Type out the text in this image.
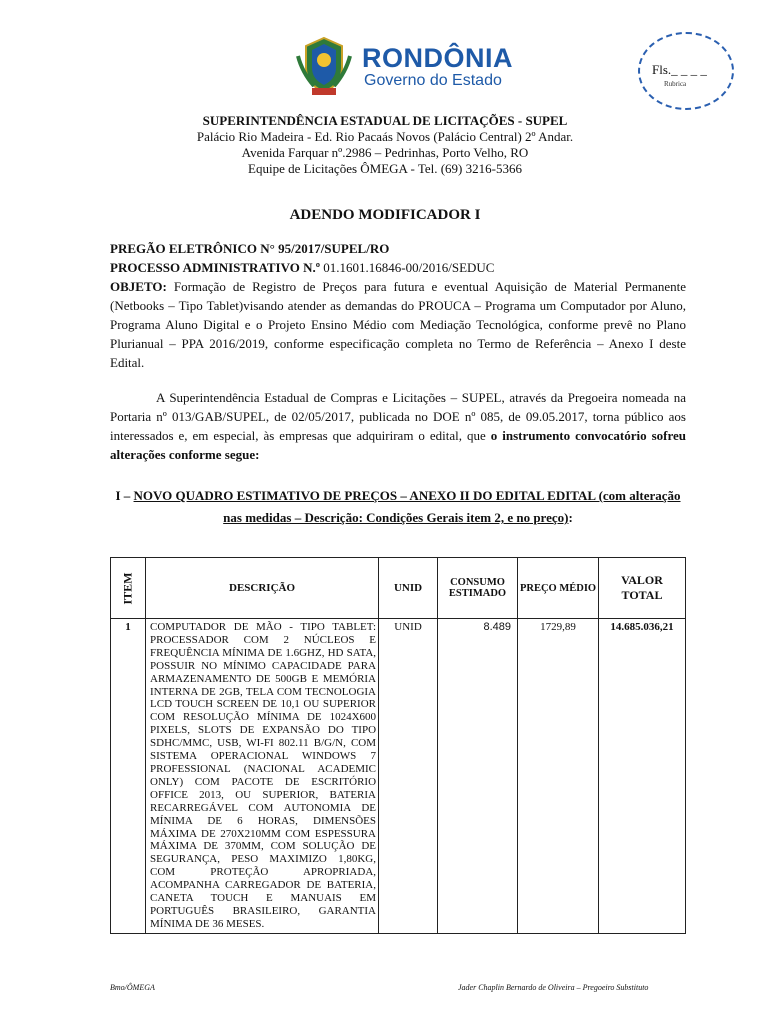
RONDÔNIA
Governo do Estado
Fls._ _ _ _
Rubrica
SUPERINTENDÊNCIA ESTADUAL DE LICITAÇÕES - SUPEL
Palácio Rio Madeira - Ed. Rio Pacaás Novos (Palácio Central) 2º Andar.
Avenida Farquar nº.2986 – Pedrinhas, Porto Velho, RO
Equipe de Licitações ÔMEGA - Tel. (69) 3216-5366
ADENDO MODIFICADOR I
PREGÃO ELETRÔNICO N° 95/2017/SUPEL/RO
PROCESSO ADMINISTRATIVO N.º 01.1601.16846-00/2016/SEDUC
OBJETO: Formação de Registro de Preços para futura e eventual Aquisição de Material Permanente (Netbooks – Tipo Tablet)visando atender as demandas do PROUCA – Programa um Computador por Aluno, Programa Aluno Digital e o Projeto Ensino Médio com Mediação Tecnológica, conforme prevê no Plano Plurianual – PPA 2016/2019, conforme especificação completa no Termo de Referência – Anexo I deste Edital.
A Superintendência Estadual de Compras e Licitações – SUPEL, através da Pregoeira nomeada na Portaria nº 013/GAB/SUPEL, de 02/05/2017, publicada no DOE nº 085, de 09.05.2017, torna público aos interessados e, em especial, às empresas que adquiriram o edital, que o instrumento convocatório sofreu alterações conforme segue:
I – NOVO QUADRO ESTIMATIVO DE PREÇOS – ANEXO II DO EDITAL EDITAL (com alteração nas medidas – Descrição: Condições Gerais item 2, e no preço):
ITEM	DESCRIÇÃO	UNID	CONSUMO ESTIMADO	PREÇO MÉDIO	VALOR TOTAL
1	COMPUTADOR DE MÃO - TIPO TABLET: PROCESSADOR COM 2 NÚCLEOS E FREQUÊNCIA MÍNIMA DE 1.6GHZ, HD SATA, POSSUIR NO MÍNIMO CAPACIDADE PARA ARMAZENAMENTO DE 500GB E MEMÓRIA INTERNA DE 2GB, TELA COM TECNOLOGIA LCD TOUCH SCREEN DE 10,1 OU SUPERIOR COM RESOLUÇÃO MÍNIMA DE 1024X600 PIXELS, SLOTS DE EXPANSÃO DO TIPO SDHC/MMC, USB, WI-FI 802.11 B/G/N, COM SISTEMA OPERACIONAL WINDOWS 7 PROFESSIONAL (NACIONAL ACADEMIC ONLY) COM PACOTE DE ESCRITÓRIO OFFICE 2013, OU SUPERIOR, BATERIA RECARREGÁVEL COM AUTONOMIA DE MÍNIMA DE 6 HORAS, DIMENSÕES MÁXIMA DE 270X210MM COM ESPESSURA MÁXIMA DE 370MM, COM SOLUÇÃO DE SEGURANÇA, PESO MAXIMIZO 1,80KG, COM PROTEÇÃO APROPRIADA, ACOMPANHA CARREGADOR DE BATERIA, CANETA TOUCH E MANUAIS EM PORTUGUÊS BRASILEIRO, GARANTIA MÍNIMA DE 36 MESES.	UNID	8.489	1729,89	14.685.036,21
Bmo/ÔMEGA	Jader Chaplin Bernardo de Oliveira – Pregoeiro Substituto
